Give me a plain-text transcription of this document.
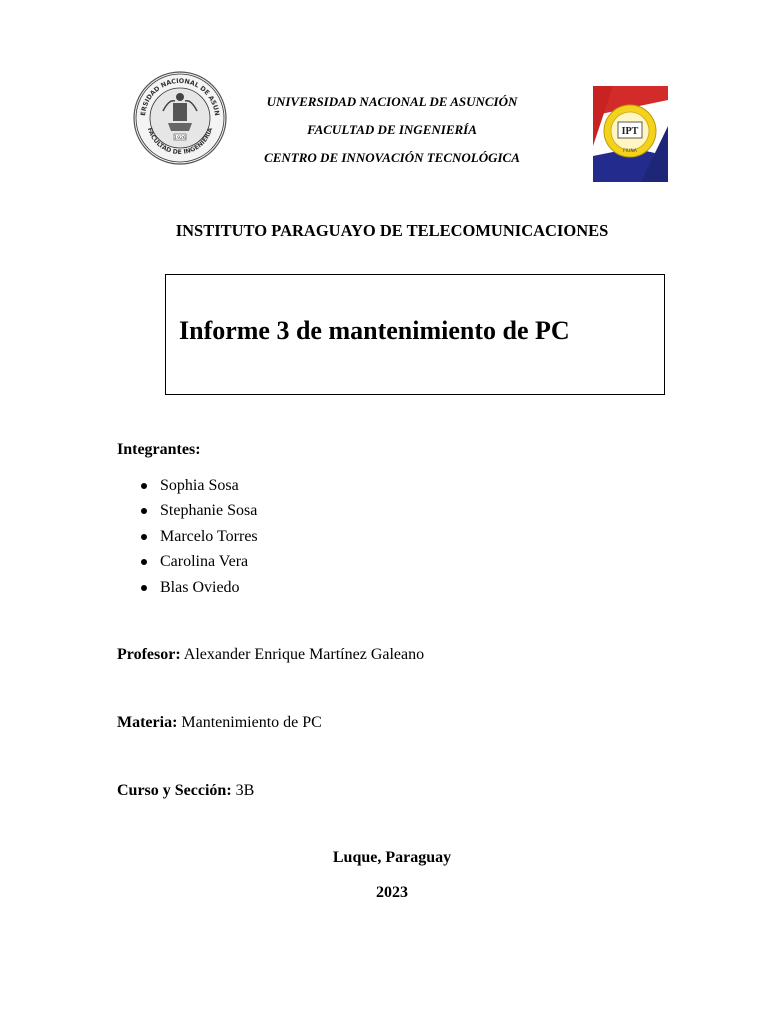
ERSIDAD NACIONAL DE ASUN
FACULTAD DE INGENIERIA
1926
UNIVERSIDAD NACIONAL DE ASUNCIÓN
FACULTAD DE INGENIERÍA
CENTRO DE INNOVACIÓN TECNOLÓGICA
IPT
FIUNA
INSTITUTO PARAGUAYO DE TELECOMUNICACIONES
Informe 3 de mantenimiento de PC
Integrantes:
Sophia Sosa
Stephanie Sosa
Marcelo Torres
Carolina Vera
Blas Oviedo
Profesor: Alexander Enrique Martínez Galeano
Materia: Mantenimiento de PC
Curso y Sección: 3B
Luque, Paraguay
2023
